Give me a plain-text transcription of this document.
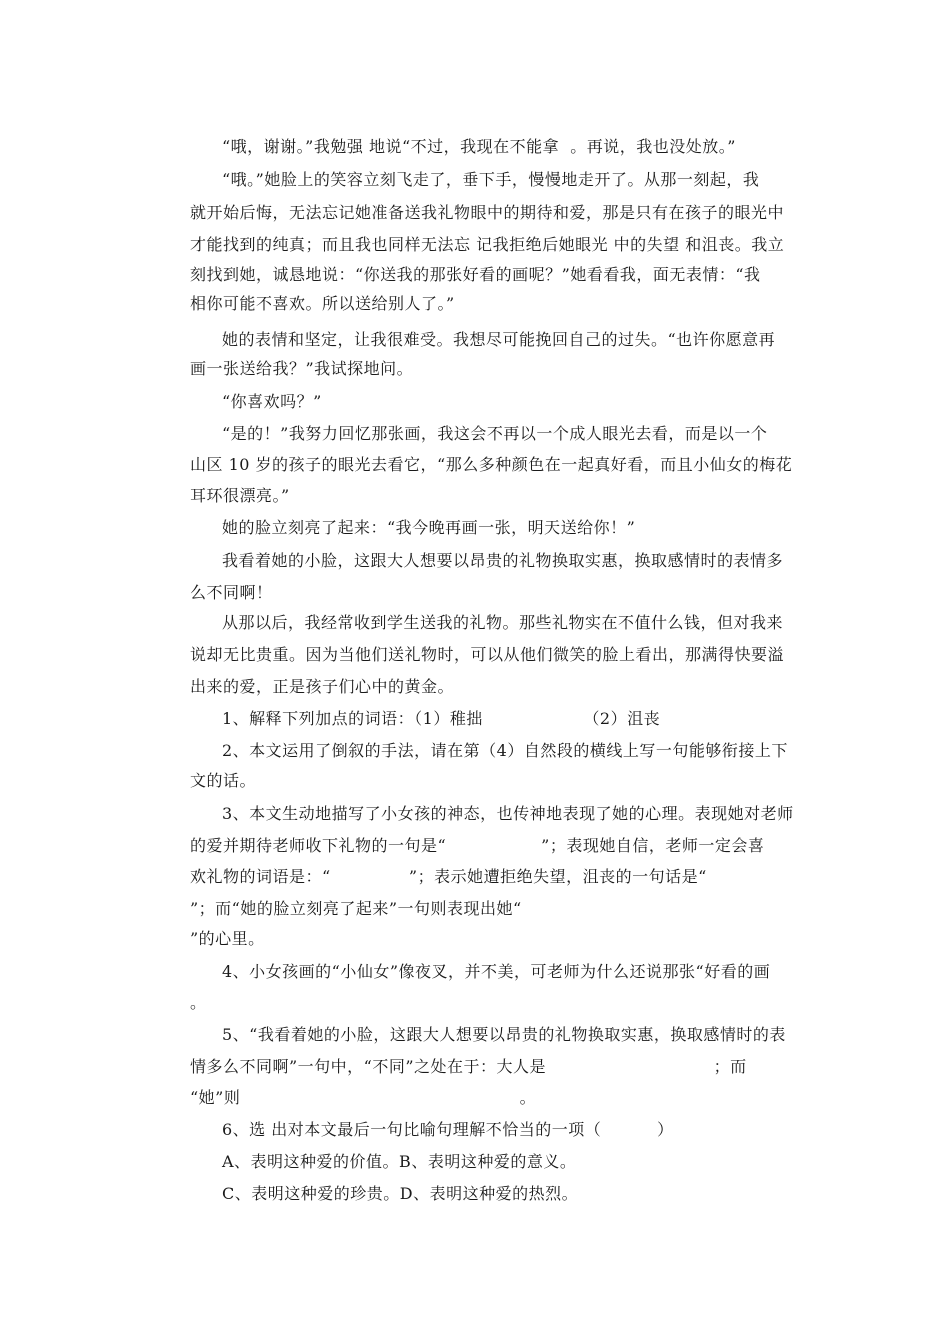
“哦，谢谢。”我勉强 地说“不过，我现在不能拿  。再说，我也没处放。”
“哦。”她脸上的笑容立刻飞走了，垂下手，慢慢地走开了。从那一刻起，我
就开始后悔，无法忘记她准备送我礼物眼中的期待和爱，那是只有在孩子的眼光中
才能找到的纯真；而且我也同样无法忘 记我拒绝后她眼光 中的失望 和沮丧。我立
刻找到她，诚恳地说：“你送我的那张好看的画呢？”她看看我，面无表情：“我
相你可能不喜欢。所以送给别人了。”
她的表情和坚定，让我很难受。我想尽可能挽回自己的过失。“也许你愿意再
画一张送给我？”我试探地问。
“你喜欢吗？”
“是的！”我努力回忆那张画，我这会不再以一个成人眼光去看，而是以一个
山区 10 岁的孩子的眼光去看它，“那么多种颜色在一起真好看，而且小仙女的梅花
耳环很漂亮。”
她的脸立刻亮了起来：“我今晚再画一张，明天送给你！”
我看着她的小脸，这跟大人想要以昂贵的礼物换取实惠，换取感情时的表情多
么不同啊！
从那以后，我经常收到学生送我的礼物。那些礼物实在不值什么钱，但对我来
说却无比贵重。因为当他们送礼物时，可以从他们微笑的脸上看出，那满得快要溢
出来的爱，正是孩子们心中的黄金。
1、解释下列加点的词语：（1）稚拙                  （2）沮丧
2、本文运用了倒叙的手法，请在第（4）自然段的横线上写一句能够衔接上下
文的话。
3、本文生动地描写了小女孩的神态，也传神地表现了她的心理。表现她对老师
的爱并期待老师收下礼物的一句是“                 ”；表现她自信，老师一定会喜
欢礼物的词语是：“              ”；表示她遭拒绝失望，沮丧的一句话是“
”；而“她的脸立刻亮了起来”一句则表现出她“
”的心里。
4、小女孩画的“小仙女”像夜叉，并不美，可老师为什么还说那张“好看的画
。
5、“我看着她的小脸，这跟大人想要以昂贵的礼物换取实惠，换取感情时的表
情多么不同啊”一句中，“不同”之处在于：大人是                              ；而
“她”则                                                  。
6、选 出对本文最后一句比喻句理解不恰当的一项（          ）
A、表明这种爱的价值。B、表明这种爱的意义。
C、表明这种爱的珍贵。D、表明这种爱的热烈。
